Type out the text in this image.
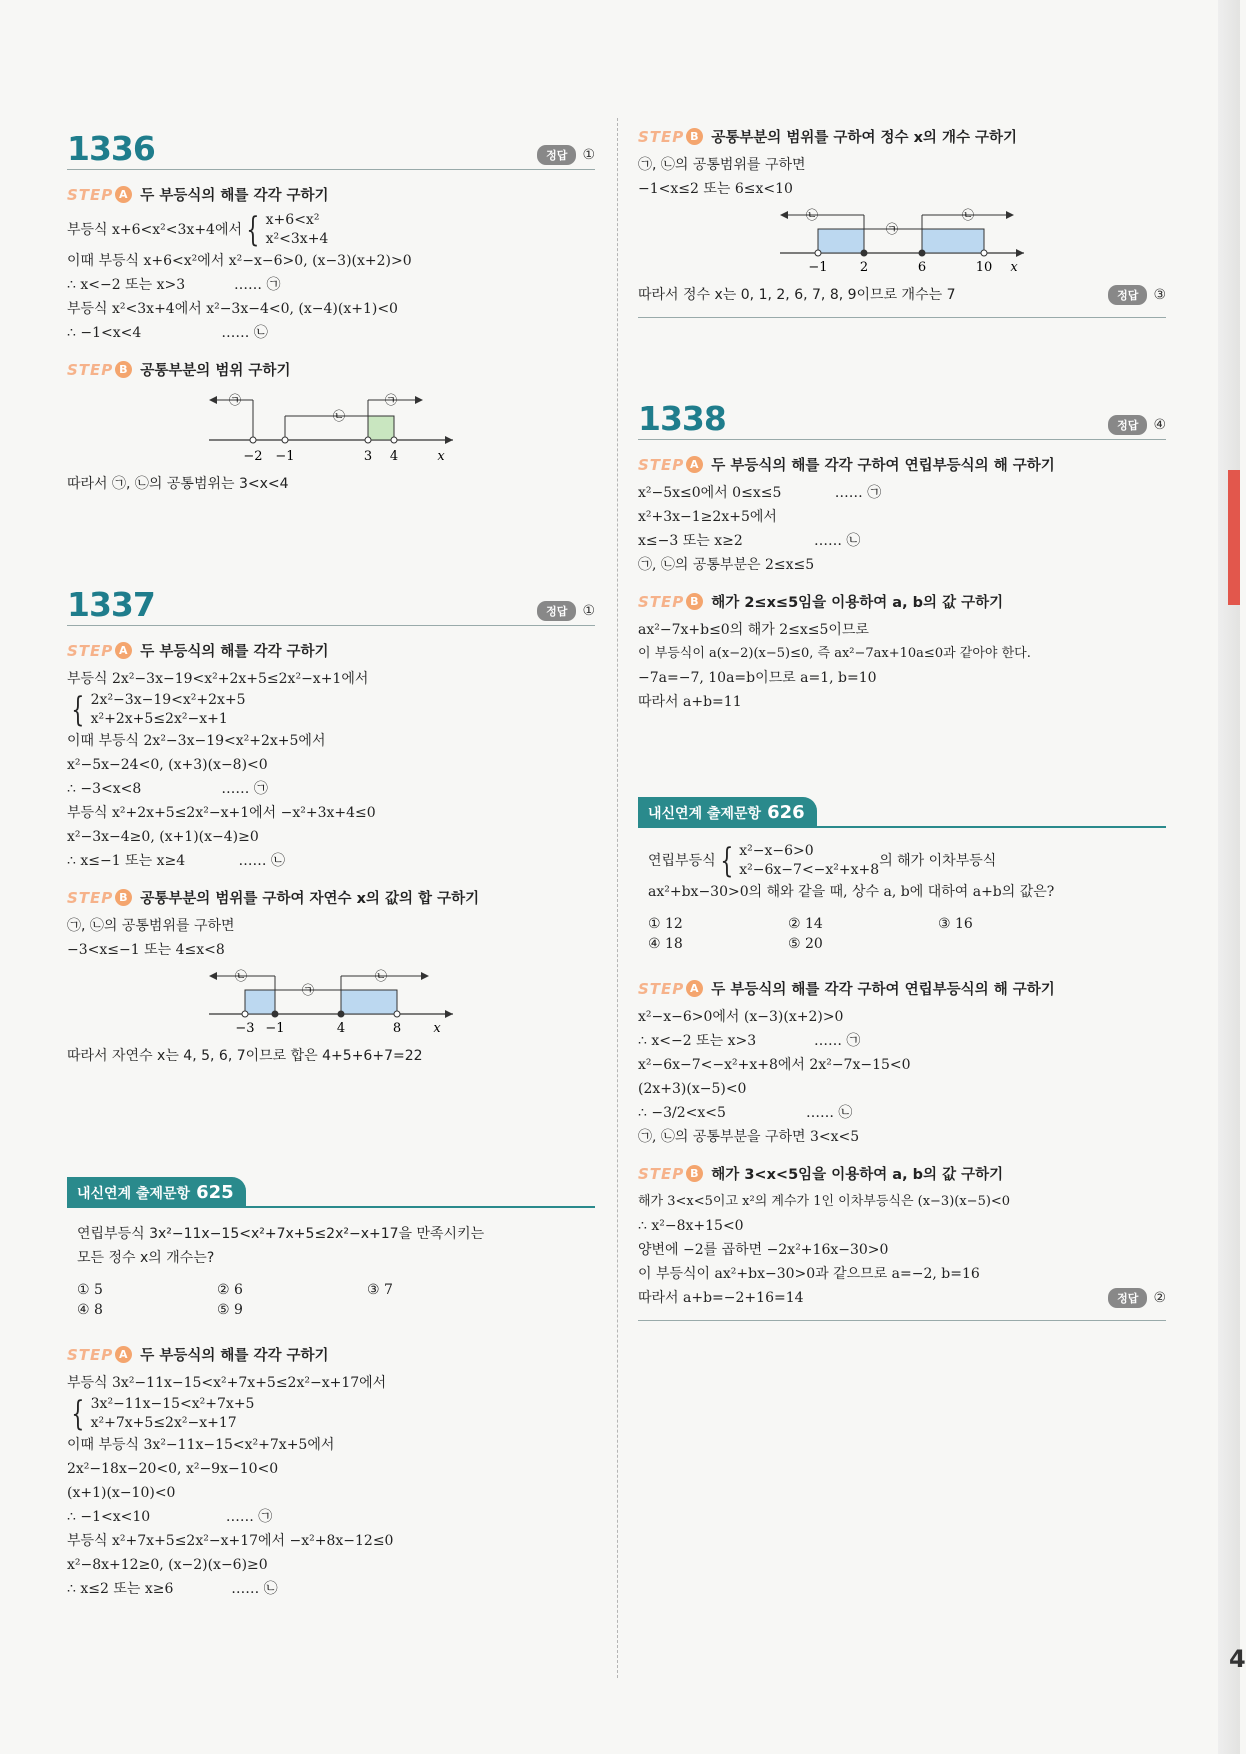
4
1336	정답	①
STEP A 두 부등식의 해를 각각 구하기
부등식 x+6<x²<3x+4에서 { x+6<x²
x²<3x+4
이때 부등식 x+6<x²에서 x²−x−6>0, (x−3)(x+2)>0
∴ x<−2 또는 x>3           …… ㉠
부등식 x²<3x+4에서 x²−3x−4<0, (x−4)(x+1)<0
∴ −1<x<4                  …… ㉡
STEP B 공통부분의 범위 구하기
−2 −1	3 4	x
㉠
㉡
㉠
따라서 ㉠, ㉡의 공통범위는 3<x<4
1337	정답	①
STEP A 두 부등식의 해를 각각 구하기
부등식 2x²−3x−19<x²+2x+5≤2x²−x+1에서
{ 2x²−3x−19<x²+2x+5
x²+2x+5≤2x²−x+1
이때 부등식 2x²−3x−19<x²+2x+5에서
x²−5x−24<0, (x+3)(x−8)<0
∴ −3<x<8                  …… ㉠
부등식 x²+2x+5≤2x²−x+1에서 −x²+3x+4≤0
x²−3x−4≥0, (x+1)(x−4)≥0
∴ x≤−1 또는 x≥4            …… ㉡
STEP B 공통부분의 범위를 구하여 자연수 x의 값의 합 구하기
㉠, ㉡의 공통범위를 구하면
−3<x≤−1 또는 4≤x<8
−3 −1	4	8 x
㉡
㉠
㉡
따라서 자연수 x는 4, 5, 6, 7이므로 합은 4+5+6+7=22
내신연계 출제문항 625
연립부등식 3x²−11x−15<x²+7x+5≤2x²−x+17을 만족시키는
모든 정수 x의 개수는?
① 5	② 6	③ 7
④ 8	⑤ 9
STEP A 두 부등식의 해를 각각 구하기
부등식 3x²−11x−15<x²+7x+5≤2x²−x+17에서
{ 3x²−11x−15<x²+7x+5
x²+7x+5≤2x²−x+17
이때 부등식 3x²−11x−15<x²+7x+5에서
2x²−18x−20<0, x²−9x−10<0
(x+1)(x−10)<0
∴ −1<x<10                 …… ㉠
부등식 x²+7x+5≤2x²−x+17에서 −x²+8x−12≤0
x²−8x+12≥0, (x−2)(x−6)≥0
∴ x≤2 또는 x≥6             …… ㉡
STEP B 공통부분의 범위를 구하여 정수 x의 개수 구하기
㉠, ㉡의 공통범위를 구하면
−1<x≤2 또는 6≤x<10
−1 2	6	10 x
㉡
㉠
㉡
따라서 정수 x는 0, 1, 2, 6, 7, 8, 9이므로 개수는 7	정답	③
1338	정답	④
STEP A 두 부등식의 해를 각각 구하여 연립부등식의 해 구하기
x²−5x≤0에서 0≤x≤5            …… ㉠
x²+3x−1≥2x+5에서
x≤−3 또는 x≥2                …… ㉡
㉠, ㉡의 공통부분은 2≤x≤5
STEP B 해가 2≤x≤5임을 이용하여 a, b의 값 구하기
ax²−7x+b≤0의 해가 2≤x≤5이므로
이 부등식이 a(x−2)(x−5)≤0, 즉 ax²−7ax+10a≤0과 같아야 한다.
−7a=−7, 10a=b이므로 a=1, b=10
따라서 a+b=11
내신연계 출제문항 626
연립부등식 { x²−x−6>0
x²−6x−7<−x²+x+8
의 해가 이차부등식
ax²+bx−30>0의 해와 같을 때, 상수 a, b에 대하여 a+b의 값은?
① 12	② 14	③ 16
④ 18	⑤ 20
STEP A 두 부등식의 해를 각각 구하여 연립부등식의 해 구하기
x²−x−6>0에서 (x−3)(x+2)>0
∴ x<−2 또는 x>3             …… ㉠
x²−6x−7<−x²+x+8에서 2x²−7x−15<0
(2x+3)(x−5)<0
∴ −3/2<x<5                  …… ㉡
㉠, ㉡의 공통부분을 구하면 3<x<5
STEP B 해가 3<x<5임을 이용하여 a, b의 값 구하기
해가 3<x<5이고 x²의 계수가 1인 이차부등식은 (x−3)(x−5)<0
∴ x²−8x+15<0
양변에 −2를 곱하면 −2x²+16x−30>0
이 부등식이 ax²+bx−30>0과 같으므로 a=−2, b=16
따라서 a+b=−2+16=14	정답	②
